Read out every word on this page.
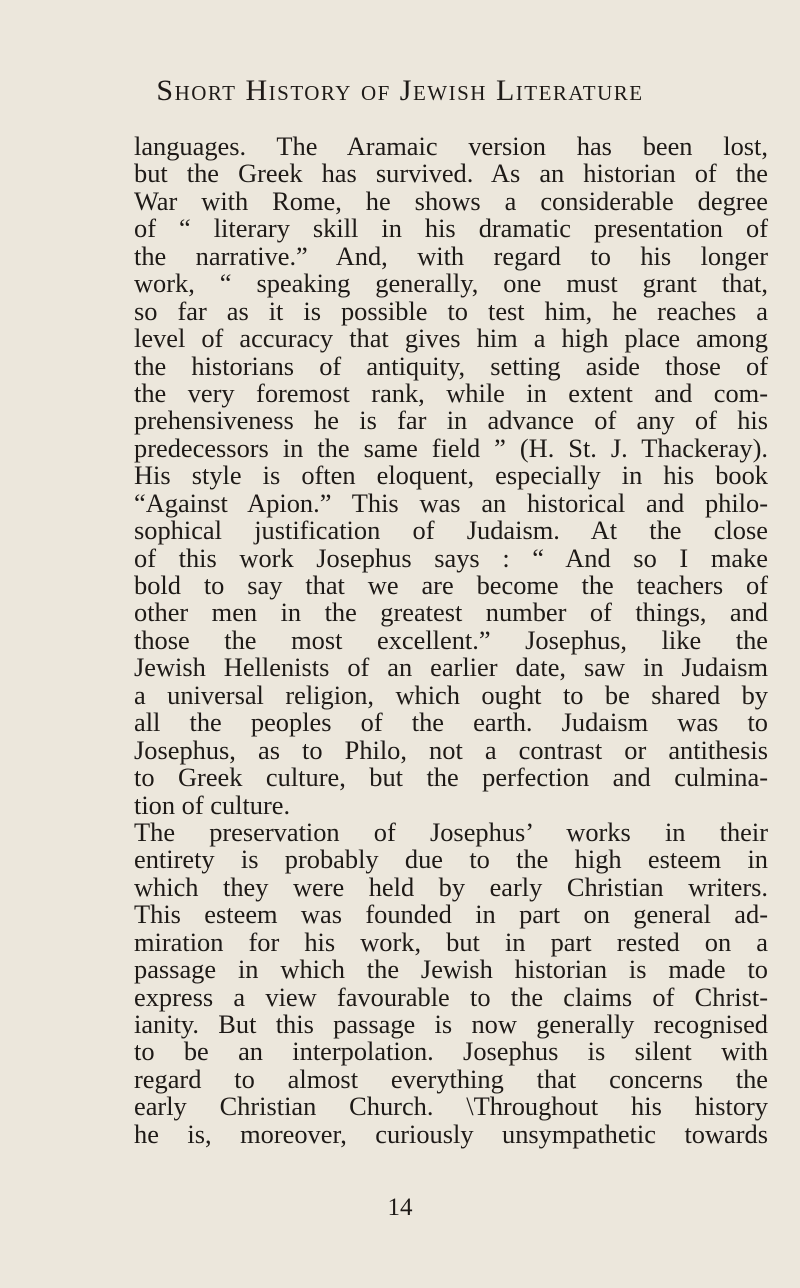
Short History of Jewish Literature
languages. The Aramaic version has been lost,
but the Greek has survived. As an historian of the
War with Rome, he shows a considerable degree
of “ literary skill in his dramatic presentation of
the narrative.” And, with regard to his longer
work, “ speaking generally, one must grant that,
so far as it is possible to test him, he reaches a
level of accuracy that gives him a high place among
the historians of antiquity, setting aside those of
the very foremost rank, while in extent and com-
prehensiveness he is far in advance of any of his
predecessors in the same field ” (H. St. J. Thackeray).
His style is often eloquent, especially in his book
“Against Apion.” This was an historical and philo-
sophical justification of Judaism. At the close
of this work Josephus says : “ And so I make
bold to say that we are become the teachers of
other men in the greatest number of things, and
those the most excellent.” Josephus, like the
Jewish Hellenists of an earlier date, saw in Judaism
a universal religion, which ought to be shared by
all the peoples of the earth. Judaism was to
Josephus, as to Philo, not a contrast or antithesis
to Greek culture, but the perfection and culmina-
tion of culture.
The preservation of Josephus’ works in their
entirety is probably due to the high esteem in
which they were held by early Christian writers.
This esteem was founded in part on general ad-
miration for his work, but in part rested on a
passage in which the Jewish historian is made to
express a view favourable to the claims of Christ-
ianity. But this passage is now generally recognised
to be an interpolation. Josephus is silent with
regard to almost everything that concerns the
early Christian Church. \Throughout his history
he is, moreover, curiously unsympathetic towards
14
